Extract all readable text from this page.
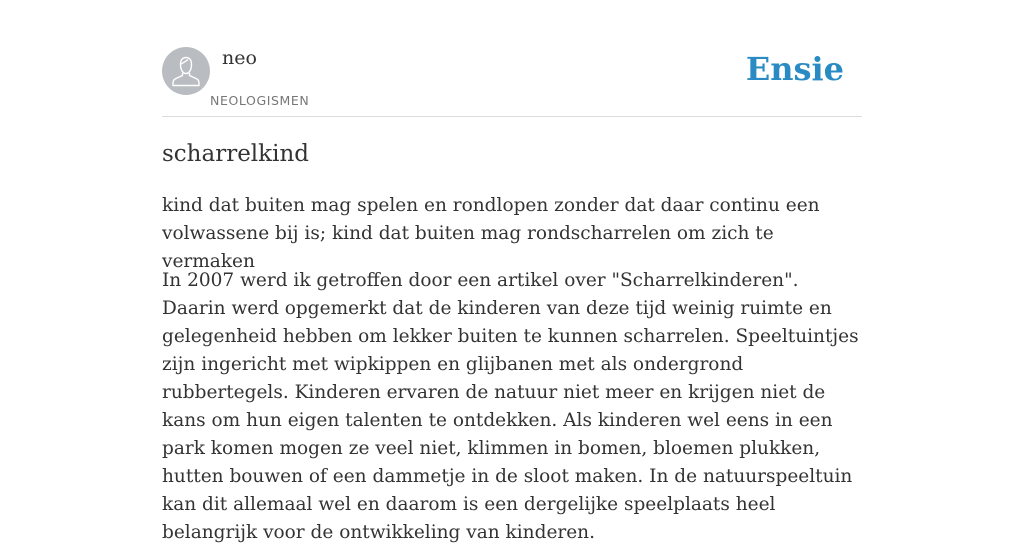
neo
NEOLOGISMEN
Ensie
scharrelkind

kind dat buiten mag spelen en rondlopen zonder dat daar continu een volwassene bij is; kind dat buiten mag rondscharrelen om zich te vermaken

In 2007 werd ik getroffen door een artikel over "Scharrelkinderen". Daarin werd opgemerkt dat de kinderen van deze tijd weinig ruimte en gelegenheid hebben om lekker buiten te kunnen scharrelen. Speeltuintjes zijn ingericht met wipkippen en glijbanen met als ondergrond rubbertegels. Kinderen ervaren de natuur niet meer en krijgen niet de kans om hun eigen talenten te ontdekken. Als kinderen wel eens in een park komen mogen ze veel niet, klimmen in bomen, bloemen plukken, hutten bouwen of een dammetje in de sloot maken. In de natuurspeeltuin kan dit allemaal wel en daarom is een dergelijke speelplaats heel belangrijk voor de ontwikkeling van kinderen.
